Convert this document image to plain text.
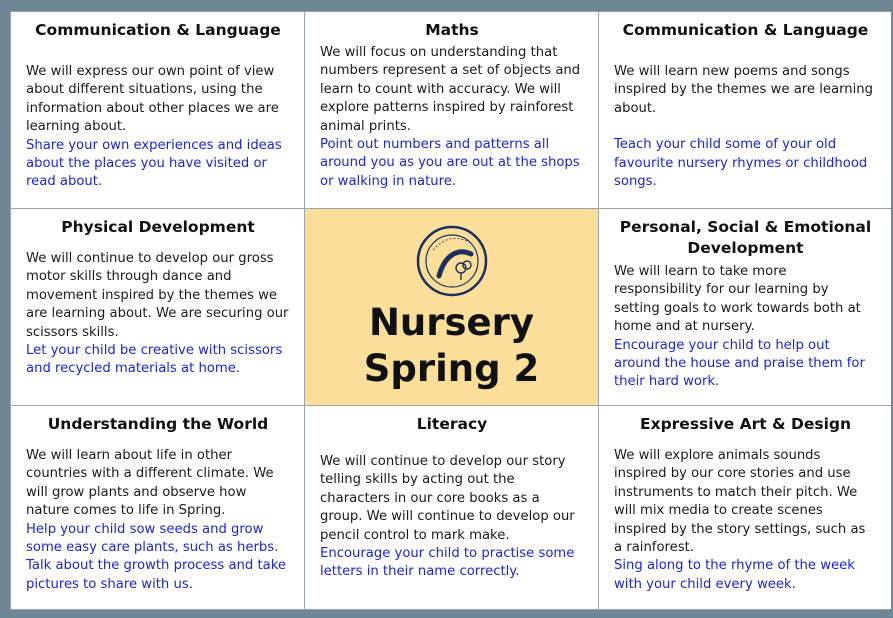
Communication & Language

We will express our own point of view about different situations, using the information about other places we are learning about.

Share your own experiences and ideas about the places you have visited or read about.

Maths

We will focus on understanding that numbers represent a set of objects and learn to count with accuracy. We will explore patterns inspired by rainforest animal prints.

Point out numbers and patterns all around you as you are out at the shops or walking in nature.

Communication & Language

We will learn new poems and songs inspired by the themes we are learning about.

Teach your child some of your old favourite nursery rhymes or childhood songs.

Physical Development

We will continue to develop our gross motor skills through dance and movement inspired by the themes we are learning about. We are securing our scissors skills.

Let your child be creative with scissors and recycled materials at home.

Nursery
Spring 2
Personal, Social & Emotional Development

We will learn to take more responsibility for our learning by setting goals to work towards both at home and at nursery.

Encourage your child to help out around the house and praise them for their hard work.

Understanding the World

We will learn about life in other countries with a different climate. We will grow plants and observe how nature comes to life in Spring.

Help your child sow seeds and grow some easy care plants, such as herbs. Talk about the growth process and take pictures to share with us.

Literacy

We will continue to develop our story telling skills by acting out the characters in our core books as a group. We will continue to develop our pencil control to mark make.

Encourage your child to practise some letters in their name correctly.

Expressive Art & Design

We will explore animals sounds inspired by our core stories and use instruments to match their pitch. We will mix media to create scenes inspired by the story settings, such as a rainforest.

Sing along to the rhyme of the week with your child every week.
